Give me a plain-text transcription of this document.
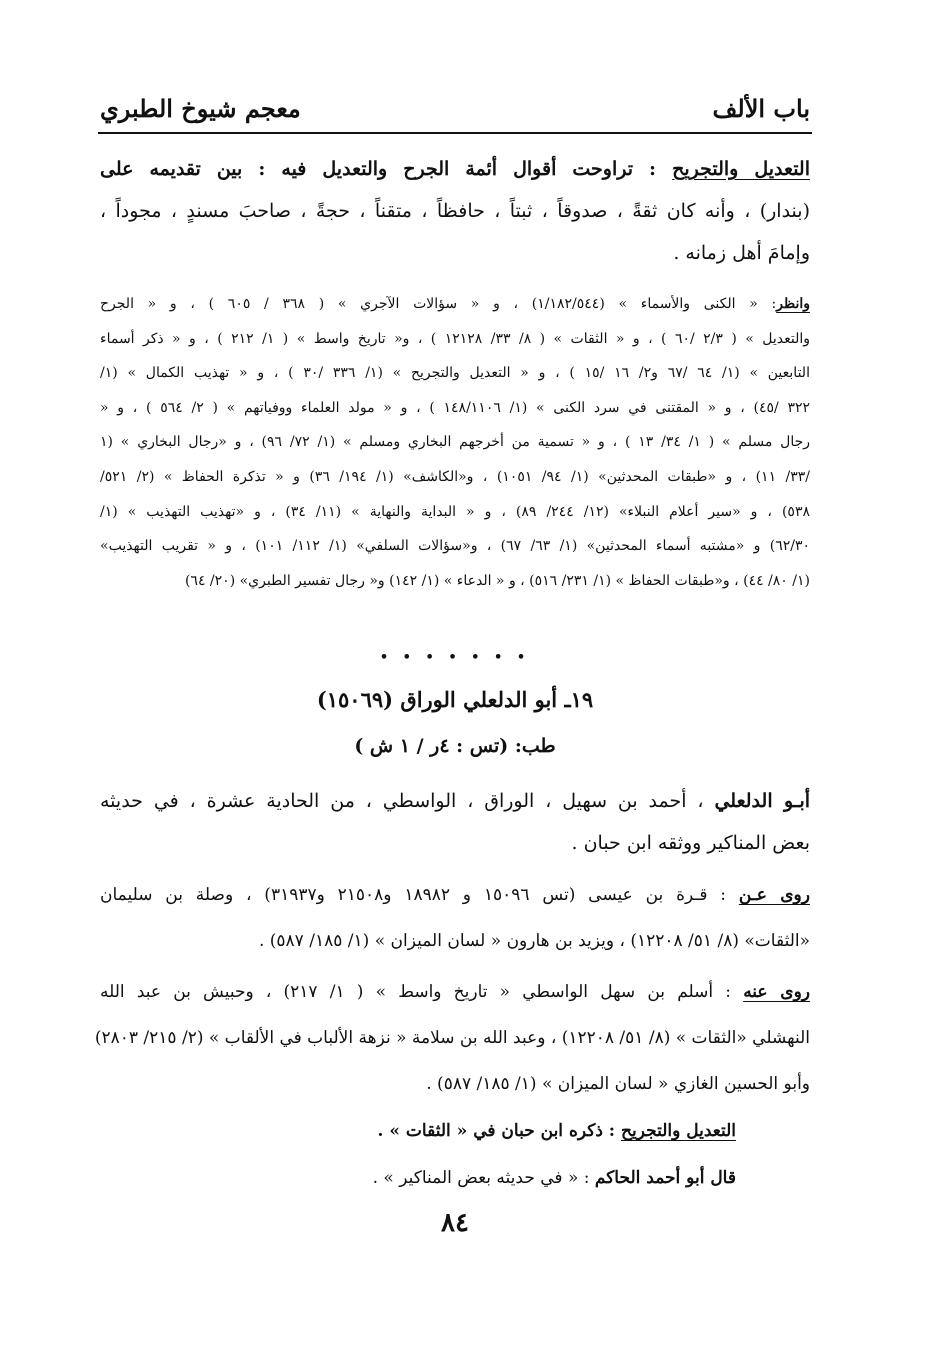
باب الألف
معجم شيوخ الطبري
التعديل والتجريح : تراوحت أقوال أئمة الجرح والتعديل فيه : بين تقديمه على
(بندار) ، وأنه كان ثقةً ، صدوقاً ، ثبتاً ، حافظاً ، متقناً ، حجةً ، صاحبَ مسندٍ ، مجوداً ،
وإمامَ أهل زمانه .
وانظر: « الكنى والأسماء » (١/١٨٢/٥٤٤) ، و « سؤالات الآجري » ( ٣٦٨ / ٦٠٥ ) ، و « الجرح
والتعديل » ( ٢/٣ /٦٠ ) ، و « الثقات » ( ٨/ ٣٣/ ١٢١٢٨ ) ، و« تاريخ واسط » ( ١/ ٢١٢ ) ، و « ذكر أسماء
التابعين » (١/ ٦٤ /٦٧ و٢/ ١٦ /١٥ ) ، و « التعديل والتجريح » (١/ ٣٣٦ /٣٠ ) ، و « تهذيب الكمال » (١/
٣٢٢ /٤٥) ، و « المقتنى في سرد الكنى » (١/ ١٤٨/١١٠٦ ) ، و « مولد العلماء ووفياتهم » ( ٢/ ٥٦٤ ) ، و «
رجال مسلم » ( ١/ ٣٤/ ١٣ ) ، و « تسمية من أخرجهم البخاري ومسلم » (١/ ٧٢/ ٩٦) ، و «رجال البخاري » (١
/٣٣/ ١١) ، و «طبقات المحدثين» (١/ ٩٤/ ١٠٥١) ، و«الكاشف» (١/ ١٩٤/ ٣٦) و « تذكرة الحفاظ » (٢/ ٥٢١/
٥٣٨) ، و «سير أعلام النبلاء» (١٢/ ٢٤٤/ ٨٩) ، و « البداية والنهاية » (١١/ ٣٤) ، و «تهذيب التهذيب » (١/
٦٢/٣٠) و «مشتبه أسماء المحدثين» (١/ ٦٣/ ٦٧) ، و«سؤالات السلفي» (١/ ١١٢/ ١٠١) ، و « تقريب التهذيب»
(١/ ٨٠/ ٤٤) ، و«طبقات الحفاظ » (١/ ٢٣١/ ٥١٦) ، و « الدعاء » (١/ ١٤٢) و« رجال تفسير الطبري» (٢٠/ ٦٤)
• • • • • • •
١٩ـ أبو الدلعلي الوراق (١٥٠٦٩)
طب: (تس : ٤ر / ١ ش )
أبـو الدلعلي ، أحمد بن سهيل ، الوراق ، الواسطي ، من الحادية عشرة ، في حديثه
بعض المناكير ووثقه ابن حبان .
روى عـن : قـرة بن عيسى (تس ١٥٠٩٦ و ١٨٩٨٢ و٢١٥٠٨ و٣١٩٣٧) ، وصلة بن سليمان
«الثقات» (٨/ ٥١/ ١٢٢٠٨) ، ويزيد بن هارون « لسان الميزان » (١/ ١٨٥/ ٥٨٧) .
روى عنه : أسلم بن سهل الواسطي « تاريخ واسط » ( ١/ ٢١٧) ، وحبيش بن عبد الله
النهشلي «الثقات » (٨/ ٥١/ ١٢٢٠٨) ، وعبد الله بن سلامة « نزهة الألباب في الألقاب » (٢/ ٢١٥/ ٢٨٠٣)
وأبو الحسين الغازي « لسان الميزان » (١/ ١٨٥/ ٥٨٧) .
التعديل والتجريح : ذكره ابن حبان في « الثقات » .
قال أبو أحمد الحاكم : « في حديثه بعض المناكير » .
٨٤
